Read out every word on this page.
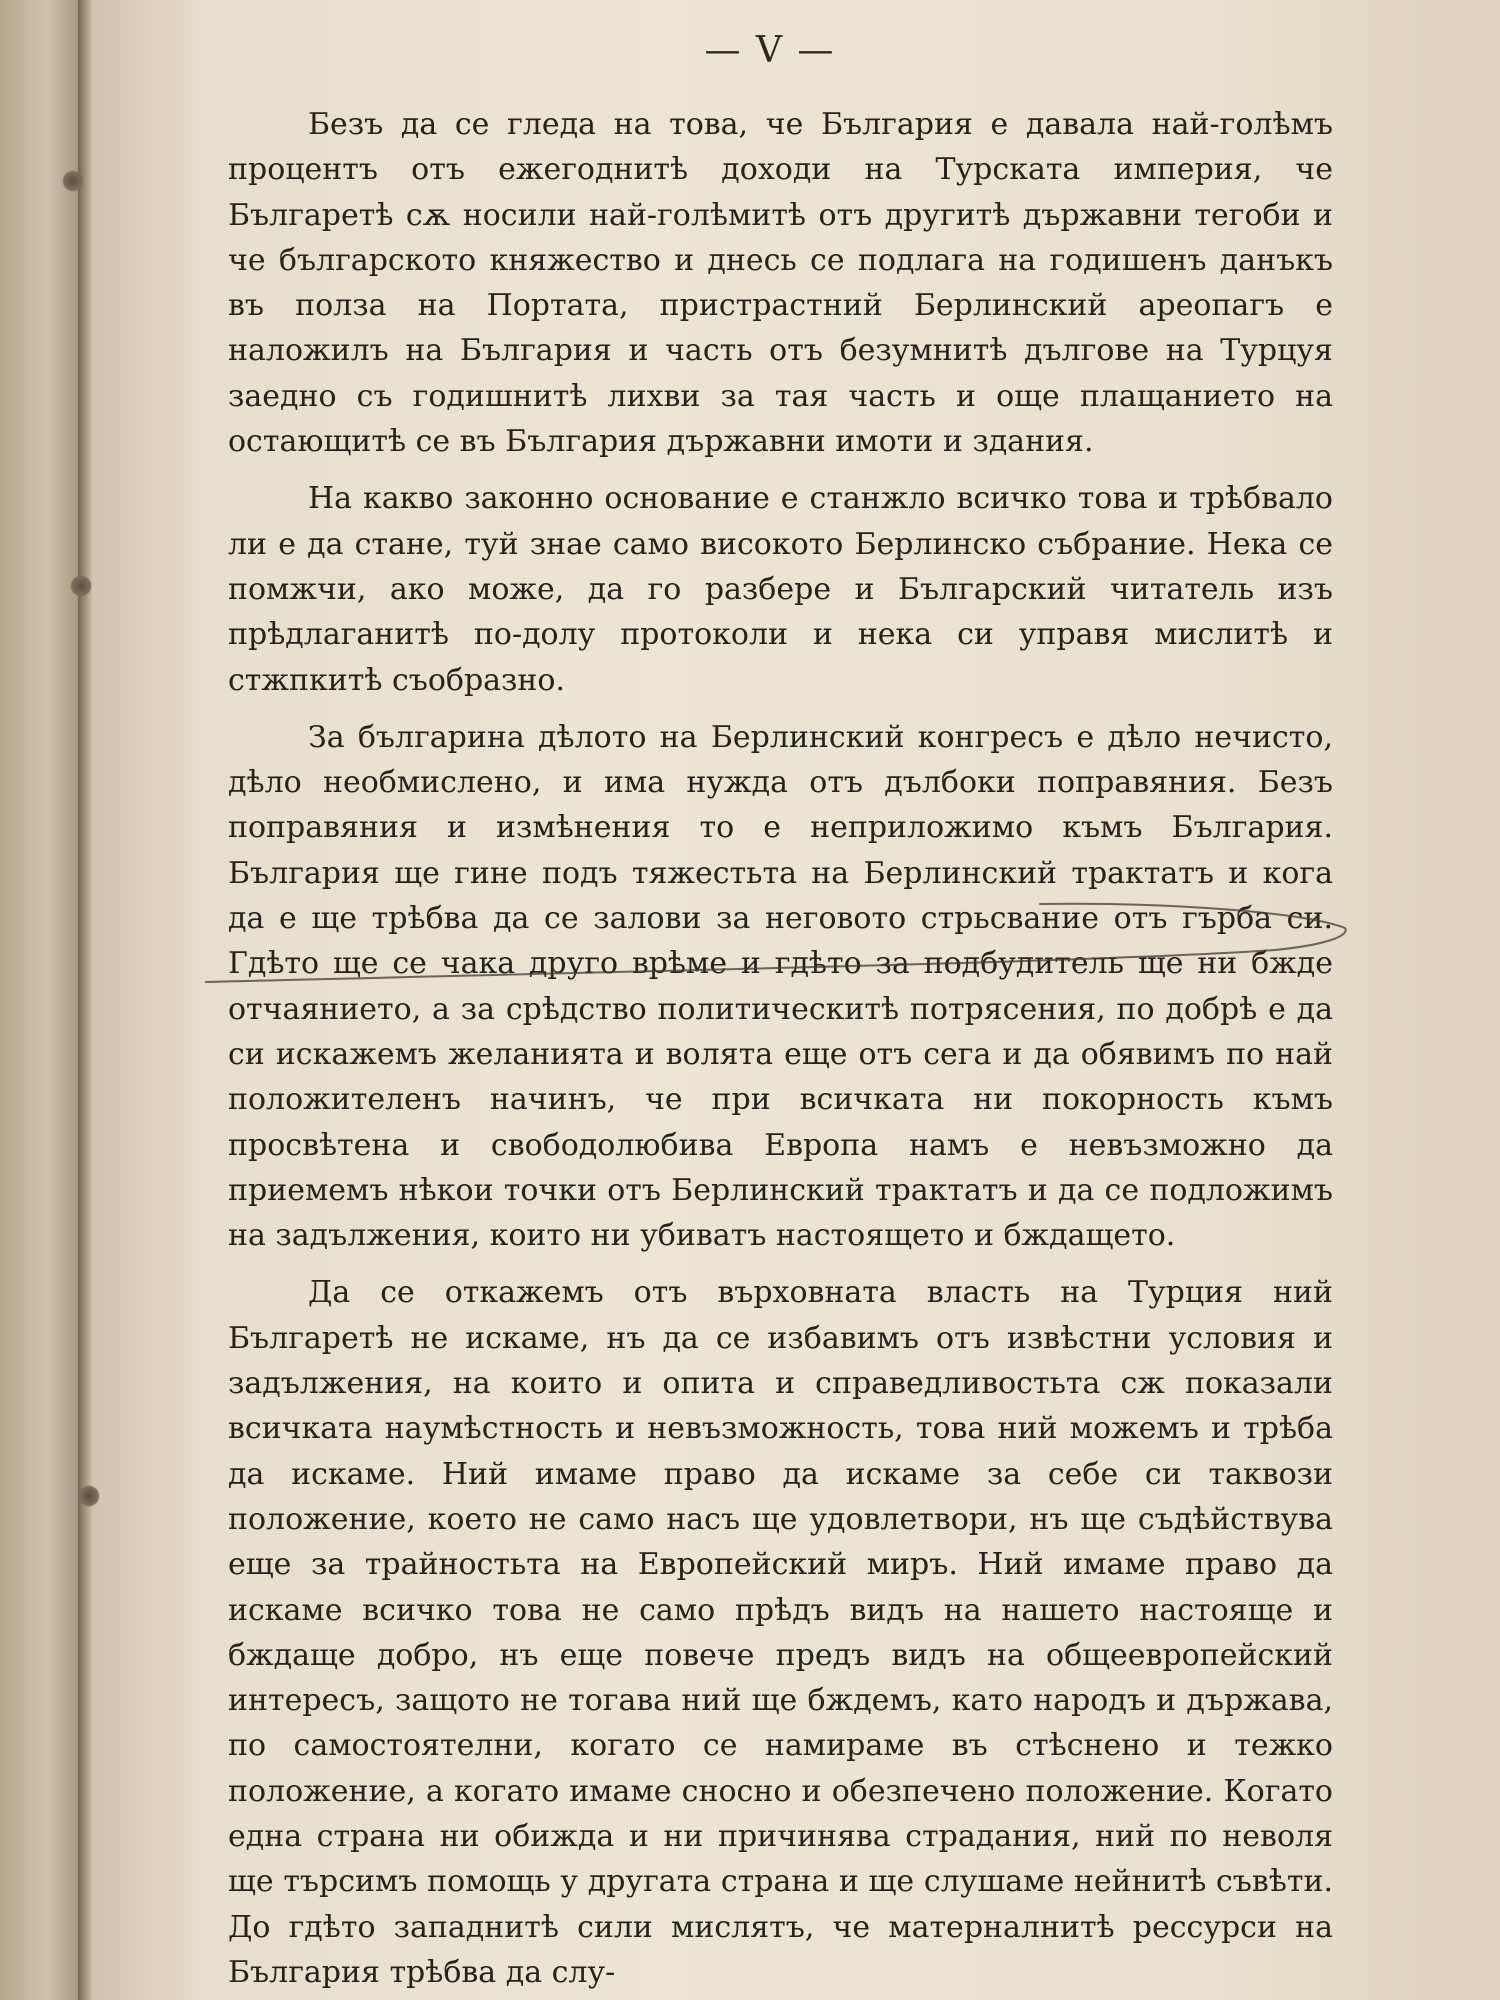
— V —

Безъ да се гледа на това, че България е давала най-голѣмъ процентъ отъ ежегоднитѣ доходи на Турската империя, че Българетѣ сѫ носили най-голѣмитѣ отъ другитѣ държавни тегоби и че българското княжество и днесь се подлага на годишенъ данъкъ въ полза на Портата, пристрастний Берлинский ареопагъ е наложилъ на България и часть отъ безумнитѣ дългове на Турцуя заедно съ годишнитѣ лихви за тая часть и още плащанието на остающитѣ се въ България държавни имоти и здания.

На какво законно основание е станжло всичко това и трѣбвало ли е да стане, туй знае само високото Берлинско събрание. Нека се помжчи, ако може, да го разбере и Българский читатель изъ прѣдлаганитѣ по-долу протоколи и нека си управя мислитѣ и стжпкитѣ съобразно.

За българина дѣлото на Берлинский конгресъ е дѣло нечисто, дѣло необмислено, и има нужда отъ дълбоки поправяния. Безъ поправяния и измѣнения то е неприложимо къмъ България. България ще гине подъ тяжестьта на Берлинский трактатъ и кога да е ще трѣбва да се залови за неговото стрьсвание отъ гърба си. Гдѣто ще се чака друго врѣме и гдѣто за подбудитель ще ни бжде отчаянието, а за срѣдство политическитѣ потрясения, по добрѣ е да си искажемъ желанията и волята еще отъ сега и да обявимъ по най положителенъ начинъ, че при всичката ни покорность къмъ просвѣтена и свободолюбива Европа намъ е невъзможно да приемемъ нѣкои точки отъ Берлинский трактатъ и да се подложимъ на задължения, които ни убиватъ настоящето и бждащето.

Да се откажемъ отъ върховната власть на Турция ний Българетѣ не искаме, нъ да се избавимъ отъ извѣстни условия и задължения, на които и опита и справедливостьта сж показали всичката наумѣстность и невъзможность, това ний можемъ и трѣба да искаме. Ний имаме право да искаме за себе си таквози положение, което не само насъ ще удовлетвори, нъ ще съдѣйствува еще за трайностьта на Европейский миръ. Ний имаме право да искаме всичко това не само прѣдъ видъ на нашето настояще и бждаще добро, нъ еще повече предъ видъ на общеевропейский интересъ, защото не тогава ний ще бждемъ, като народъ и държава, по самостоятелни, когато се намираме въ стѣснено и тежко положение, а когато имаме сносно и обезпечено положение. Когато една страна ни обижда и ни причинява страдания, ний по неволя ще търсимъ помощь у другата страна и ще слушаме нейнитѣ съвѣти. До гдѣто западнитѣ сили мислятъ, че матерналнитѣ рессурси на България трѣбва да слу-
